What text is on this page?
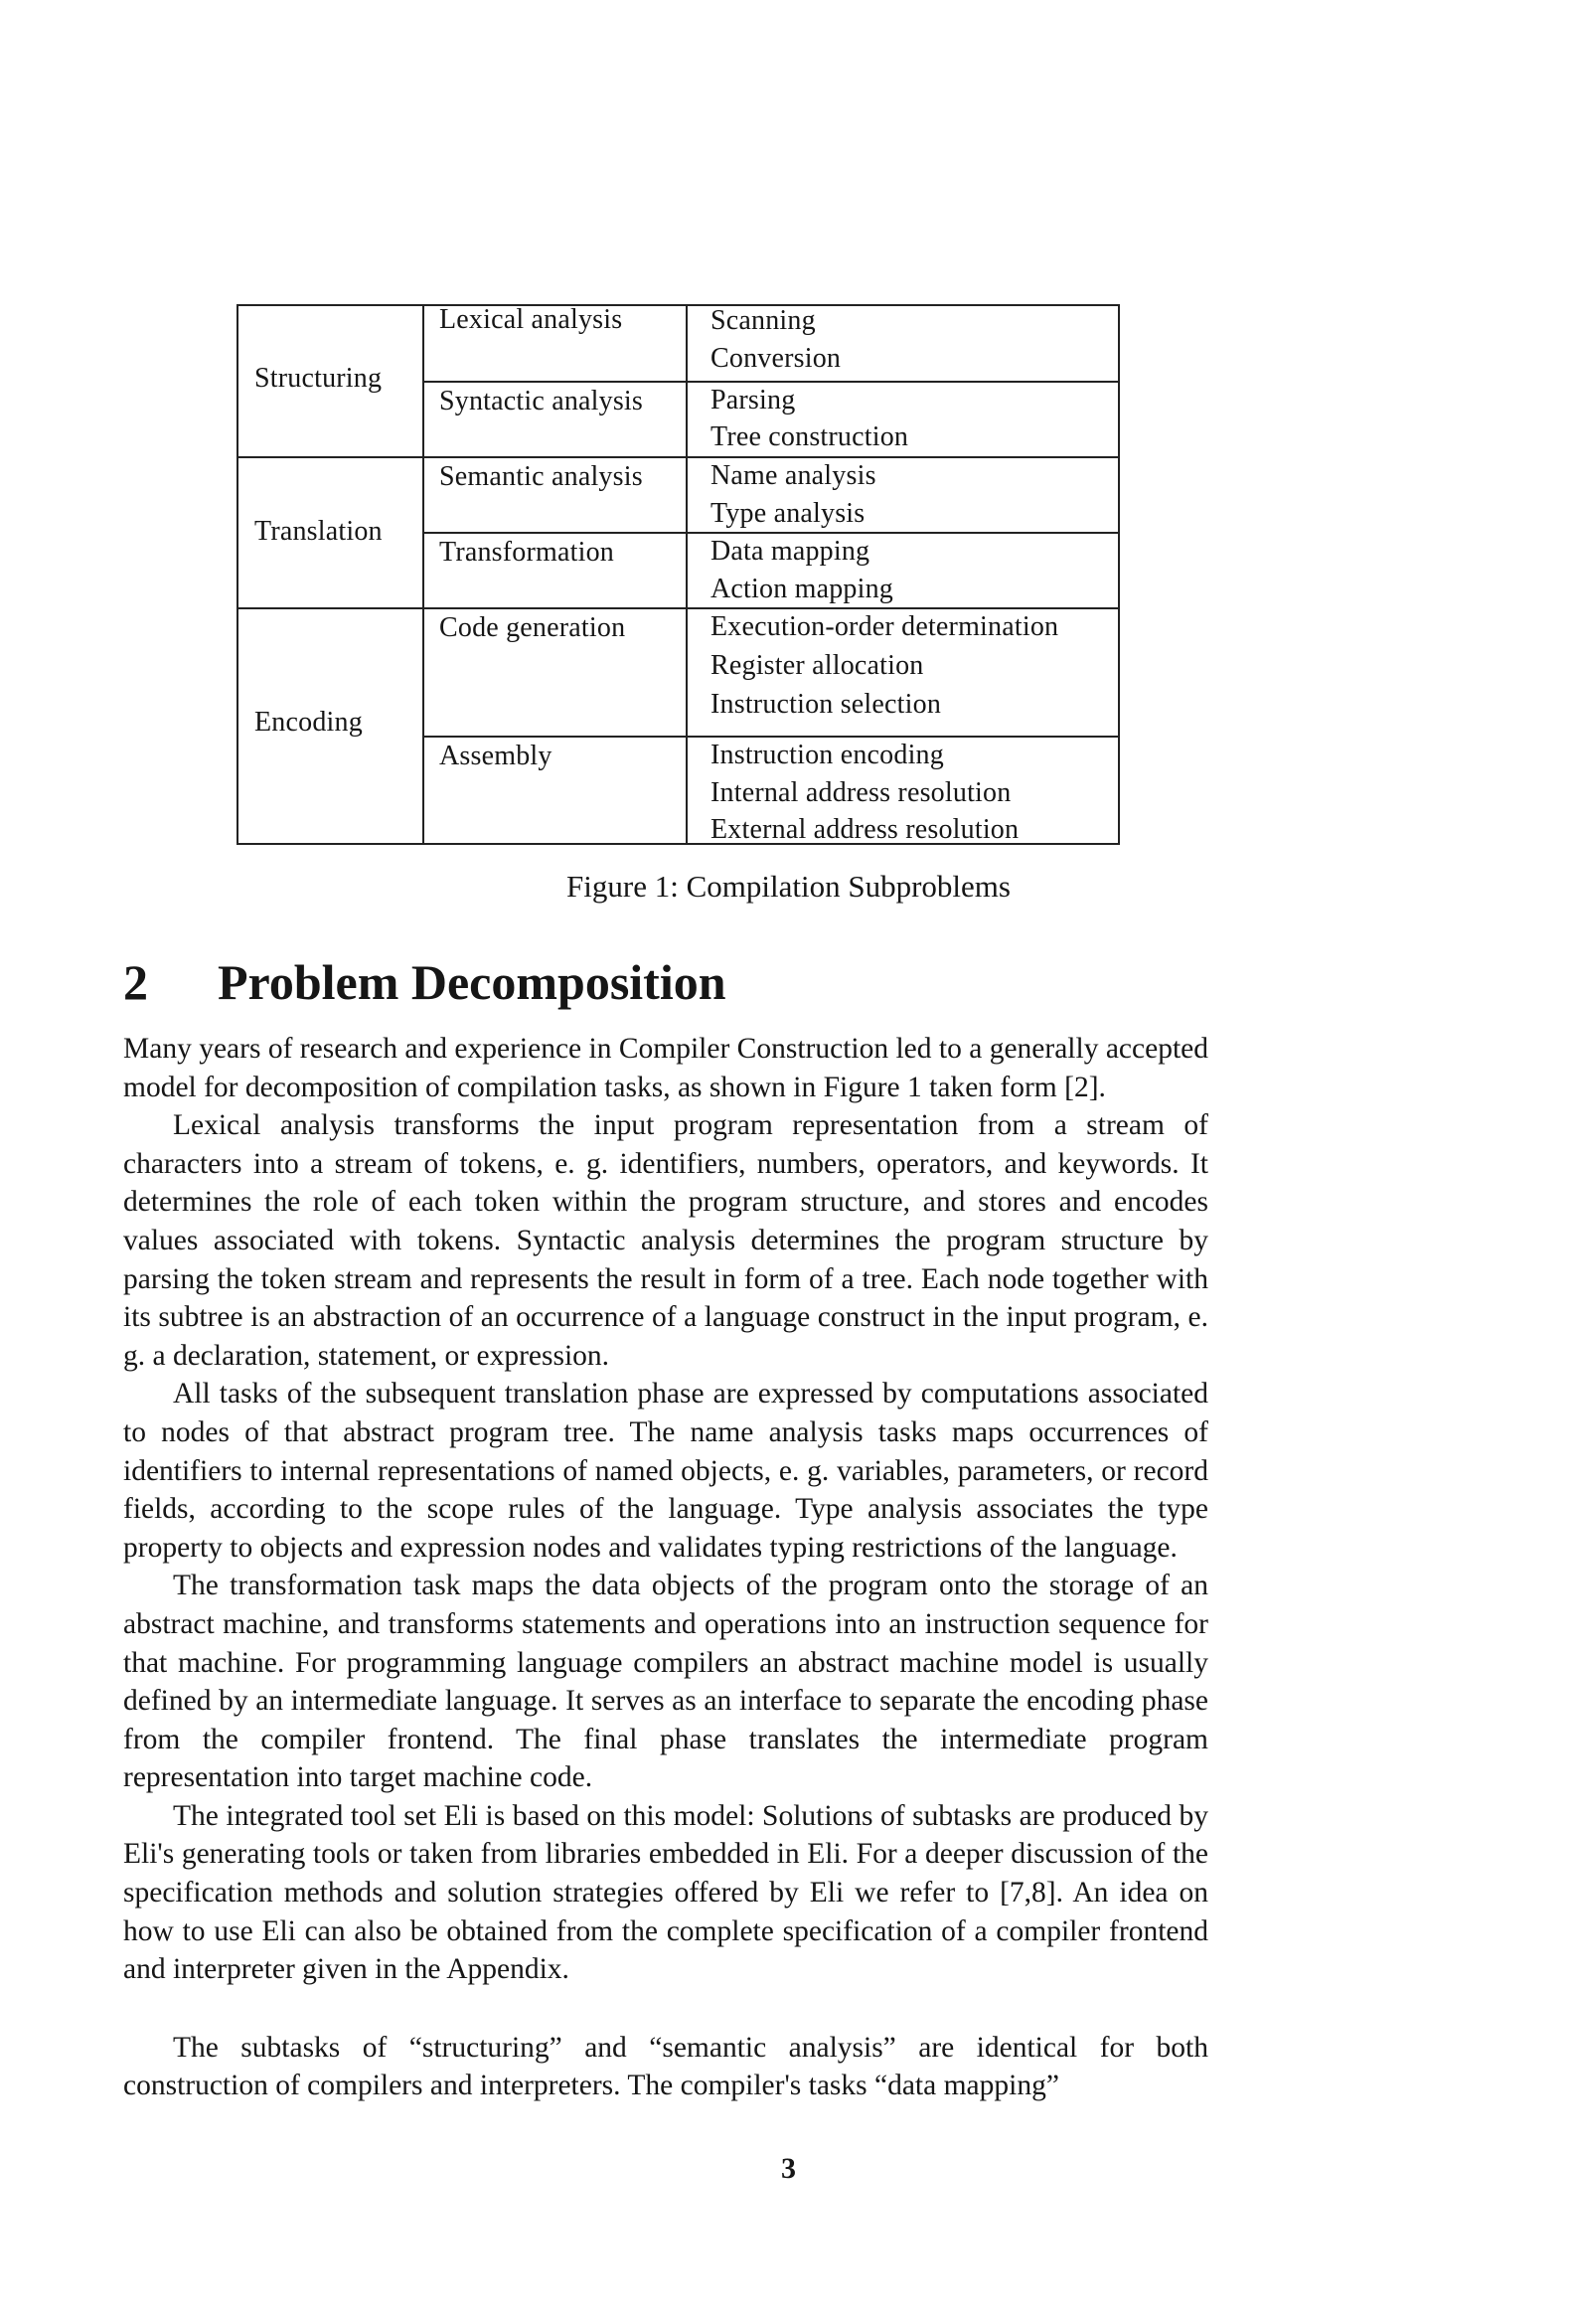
Structuring
Translation
Encoding
Lexical analysis
Syntactic analysis
Semantic analysis
Transformation
Code generation
Assembly
Scanning
Conversion
Parsing
Tree construction
Name analysis
Type analysis
Data mapping
Action mapping
Execution-order determination
Register allocation
Instruction selection
Instruction encoding
Internal address resolution
External address resolution
Figure 1: Compilation Subproblems
2 Problem Decomposition

Many years of research and experience in Compiler Construction led to a generally accepted model for decomposition of compilation tasks, as shown in Figure 1 taken form [2].

Lexical analysis transforms the input program representation from a stream of characters into a stream of tokens, e. g. identifiers, numbers, operators, and keywords. It determines the role of each token within the program structure, and stores and encodes values associated with tokens. Syntactic analysis determines the program structure by parsing the token stream and represents the result in form of a tree. Each node together with its subtree is an abstraction of an occurrence of a language construct in the input program, e. g. a declaration, statement, or expression.

All tasks of the subsequent translation phase are expressed by computations associated to nodes of that abstract program tree. The name analysis tasks maps occurrences of identifiers to internal representations of named objects, e. g. variables, parameters, or record fields, according to the scope rules of the language. Type analysis associates the type property to objects and expression nodes and validates typing restrictions of the language.

The transformation task maps the data objects of the program onto the storage of an abstract machine, and transforms statements and operations into an instruction sequence for that machine. For programming language compilers an abstract machine model is usually defined by an intermediate language. It serves as an interface to separate the encoding phase from the compiler frontend. The final phase translates the intermediate program representation into target machine code.

The integrated tool set Eli is based on this model: Solutions of subtasks are produced by Eli's generating tools or taken from libraries embedded in Eli. For a deeper discussion of the specification methods and solution strategies offered by Eli we refer to [7,8]. An idea on how to use Eli can also be obtained from the complete specification of a compiler frontend and interpreter given in the Appendix.

The subtasks of “structuring” and “semantic analysis” are identical for both construction of compilers and interpreters. The compiler's tasks “data mapping”

3
